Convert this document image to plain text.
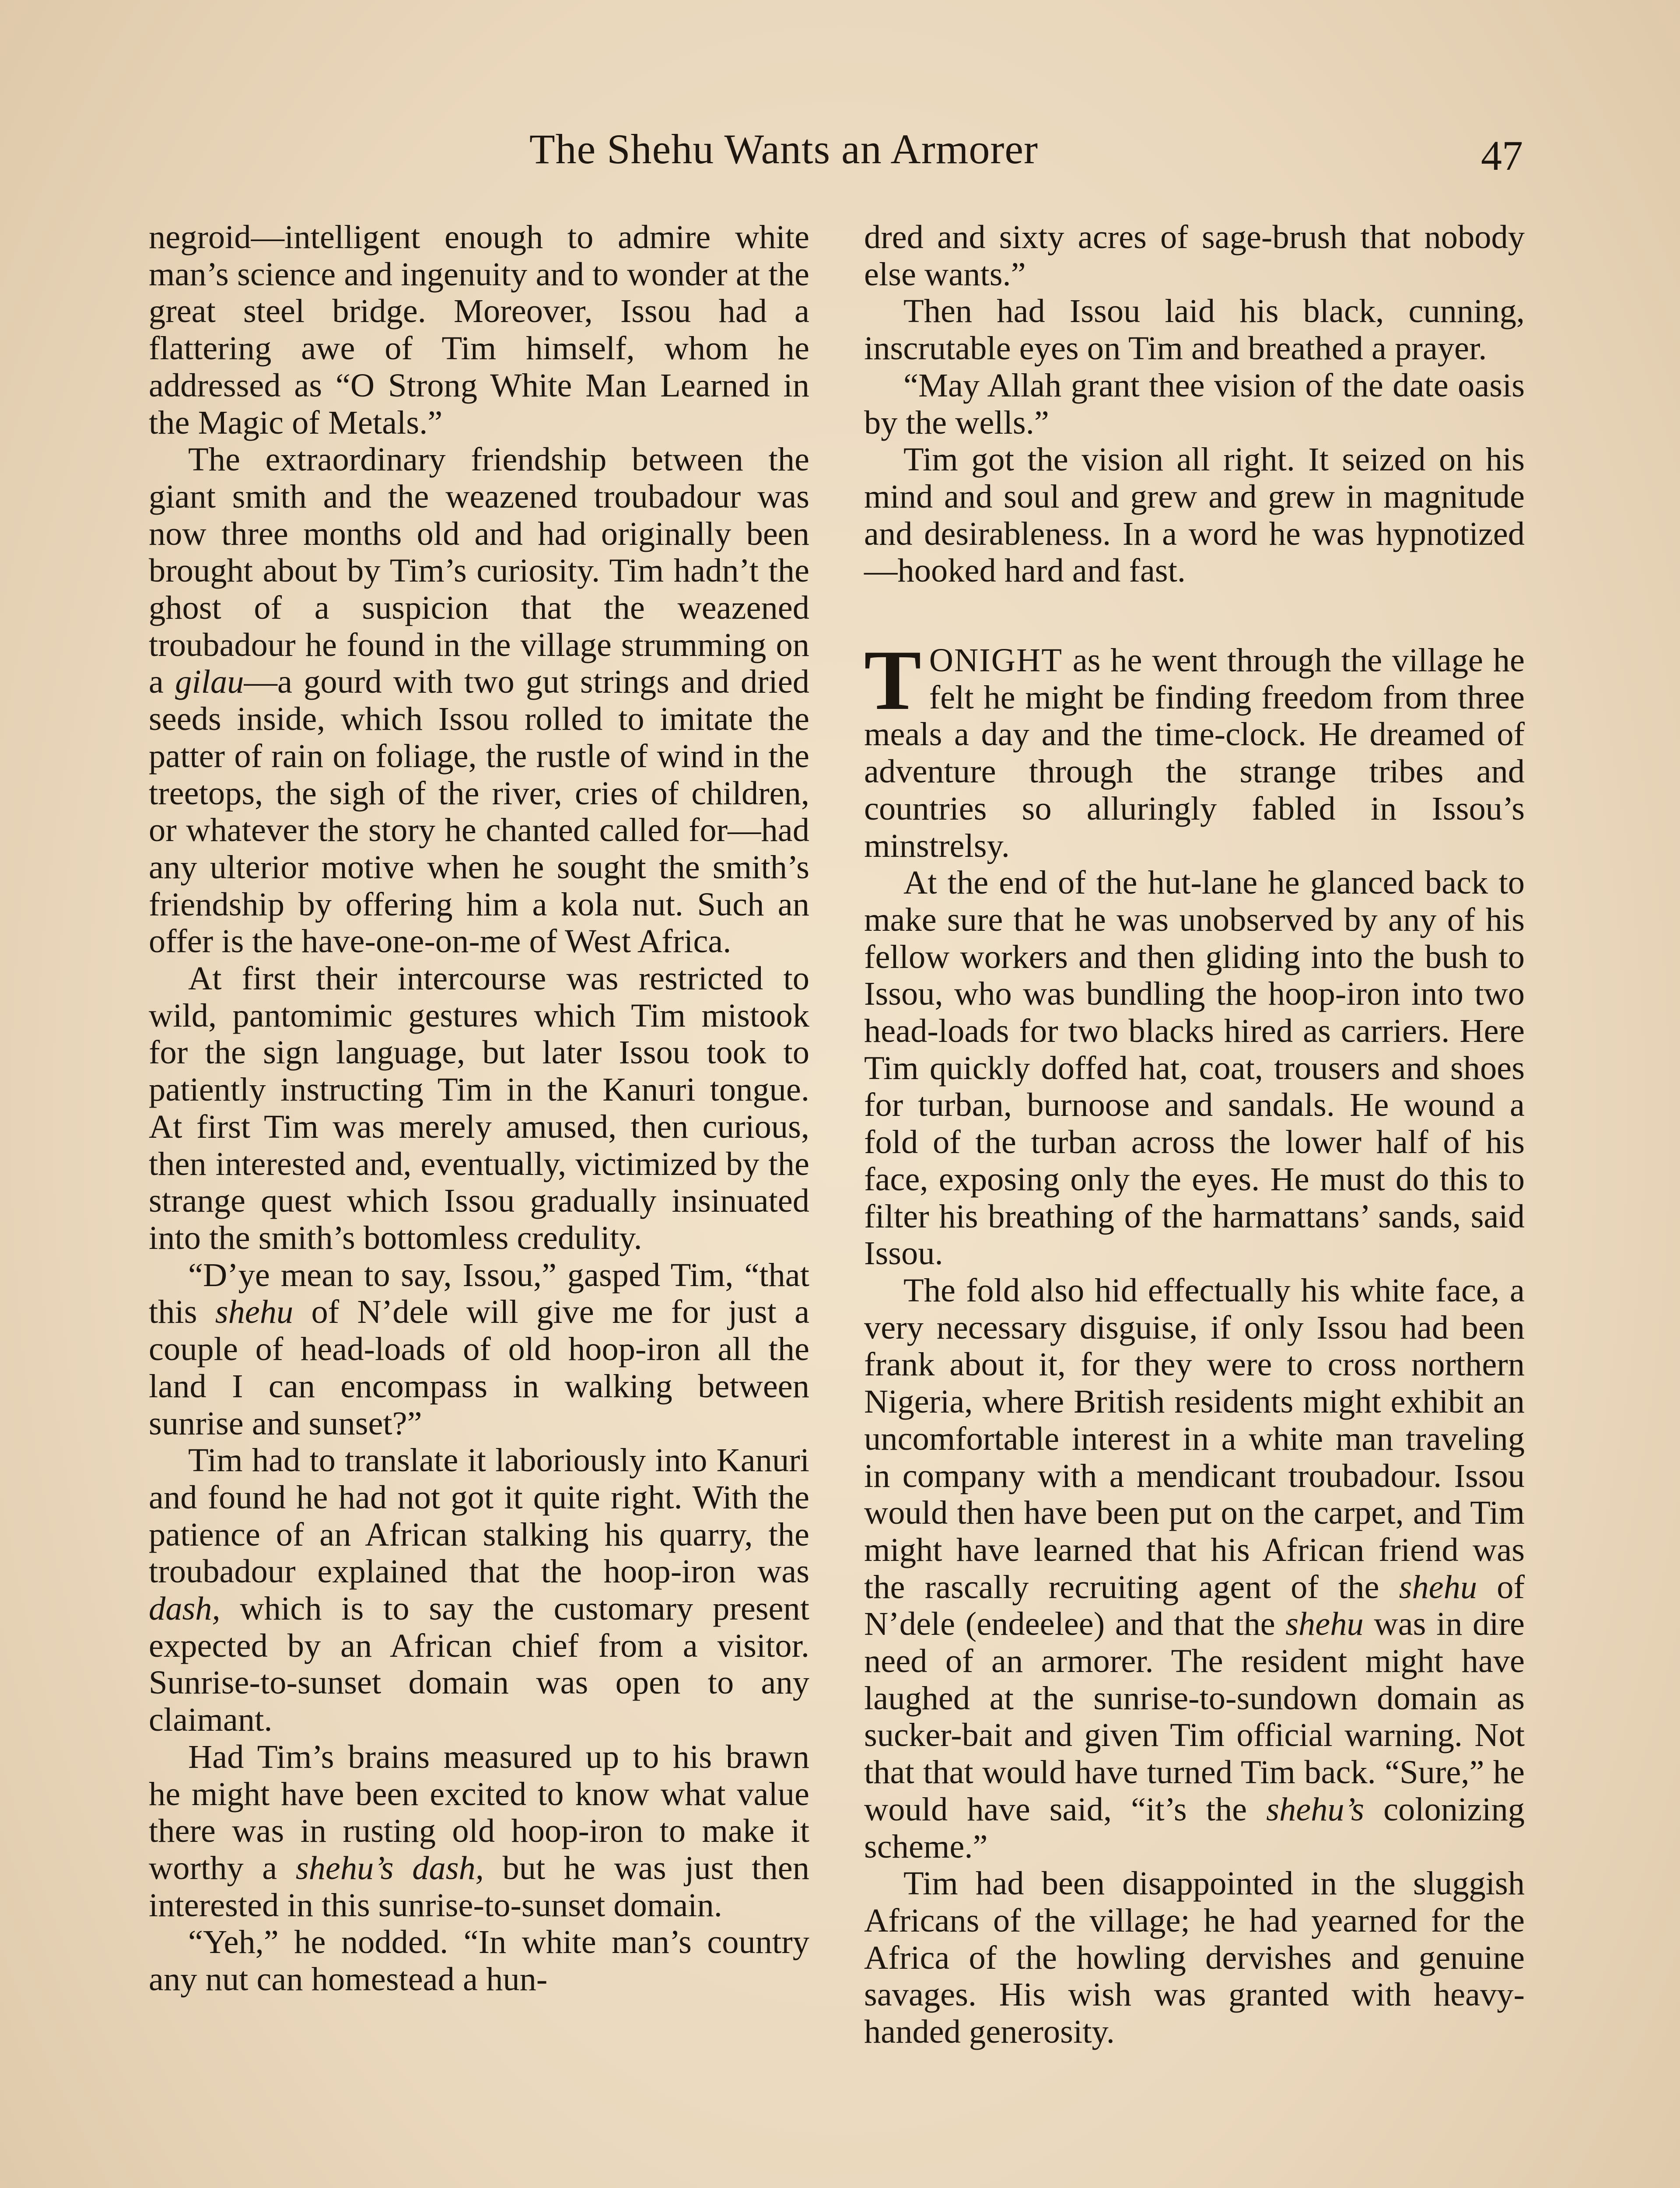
The Shehu Wants an Armorer	47

negroid—intelligent enough to admire white man’s science and ingenuity and to wonder at the great steel bridge. Moreover, Issou had a flattering awe of Tim himself, whom he addressed as “O Strong White Man Learned in the Magic of Metals.”

The extraordinary friendship between the giant smith and the weazened troubadour was now three months old and had originally been brought about by Tim’s curiosity. Tim hadn’t the ghost of a suspicion that the weazened troubadour he found in the village strumming on a gilau—a gourd with two gut strings and dried seeds inside, which Issou rolled to imitate the patter of rain on foliage, the rustle of wind in the treetops, the sigh of the river, cries of children, or whatever the story he chanted called for—had any ulterior motive when he sought the smith’s friendship by offering him a kola nut. Such an offer is the have-one-on-me of West Africa.

At first their intercourse was restricted to wild, pantomimic gestures which Tim mistook for the sign language, but later Issou took to patiently instructing Tim in the Kanuri tongue. At first Tim was merely amused, then curious, then interested and, eventually, victimized by the strange quest which Issou gradually insinuated into the smith’s bottomless credulity.

“D’ye mean to say, Issou,” gasped Tim, “that this shehu of N’dele will give me for just a couple of head-loads of old hoop-iron all the land I can encompass in walking between sunrise and sunset?”

Tim had to translate it laboriously into Kanuri and found he had not got it quite right. With the patience of an African stalking his quarry, the troubadour explained that the hoop-iron was dash, which is to say the customary present expected by an African chief from a visitor. Sunrise-to-sunset domain was open to any claimant.

Had Tim’s brains measured up to his brawn he might have been excited to know what value there was in rusting old hoop-iron to make it worthy a shehu’s dash, but he was just then interested in this sunrise-to-sunset domain.

“Yeh,” he nodded. “In white man’s country any nut can homestead a hun-

dred and sixty acres of sage-brush that nobody else wants.”

Then had Issou laid his black, cunning, inscrutable eyes on Tim and breathed a prayer.

“May Allah grant thee vision of the date oasis by the wells.”

Tim got the vision all right. It seized on his mind and soul and grew and grew in magnitude and desirableness. In a word he was hypnotized—hooked hard and fast.

TONIGHT as he went through the village he felt he might be finding freedom from three meals a day and the time-clock. He dreamed of adventure through the strange tribes and countries so alluringly fabled in Issou’s minstrelsy.

At the end of the hut-lane he glanced back to make sure that he was unobserved by any of his fellow workers and then gliding into the bush to Issou, who was bundling the hoop-iron into two head-loads for two blacks hired as carriers. Here Tim quickly doffed hat, coat, trousers and shoes for turban, burnoose and sandals. He wound a fold of the turban across the lower half of his face, exposing only the eyes. He must do this to filter his breathing of the harmattans’ sands, said Issou.

The fold also hid effectually his white face, a very necessary disguise, if only Issou had been frank about it, for they were to cross northern Nigeria, where British residents might exhibit an uncomfortable interest in a white man traveling in company with a mendicant troubadour. Issou would then have been put on the carpet, and Tim might have learned that his African friend was the rascally recruiting agent of the shehu of N’dele (endeelee) and that the shehu was in dire need of an armorer. The resident might have laughed at the sunrise-to-sundown domain as sucker-bait and given Tim official warning. Not that that would have turned Tim back. “Sure,” he would have said, “it’s the shehu’s colonizing scheme.”

Tim had been disappointed in the sluggish Africans of the village; he had yearned for the Africa of the howling dervishes and genuine savages. His wish was granted with heavy-handed generosity.
